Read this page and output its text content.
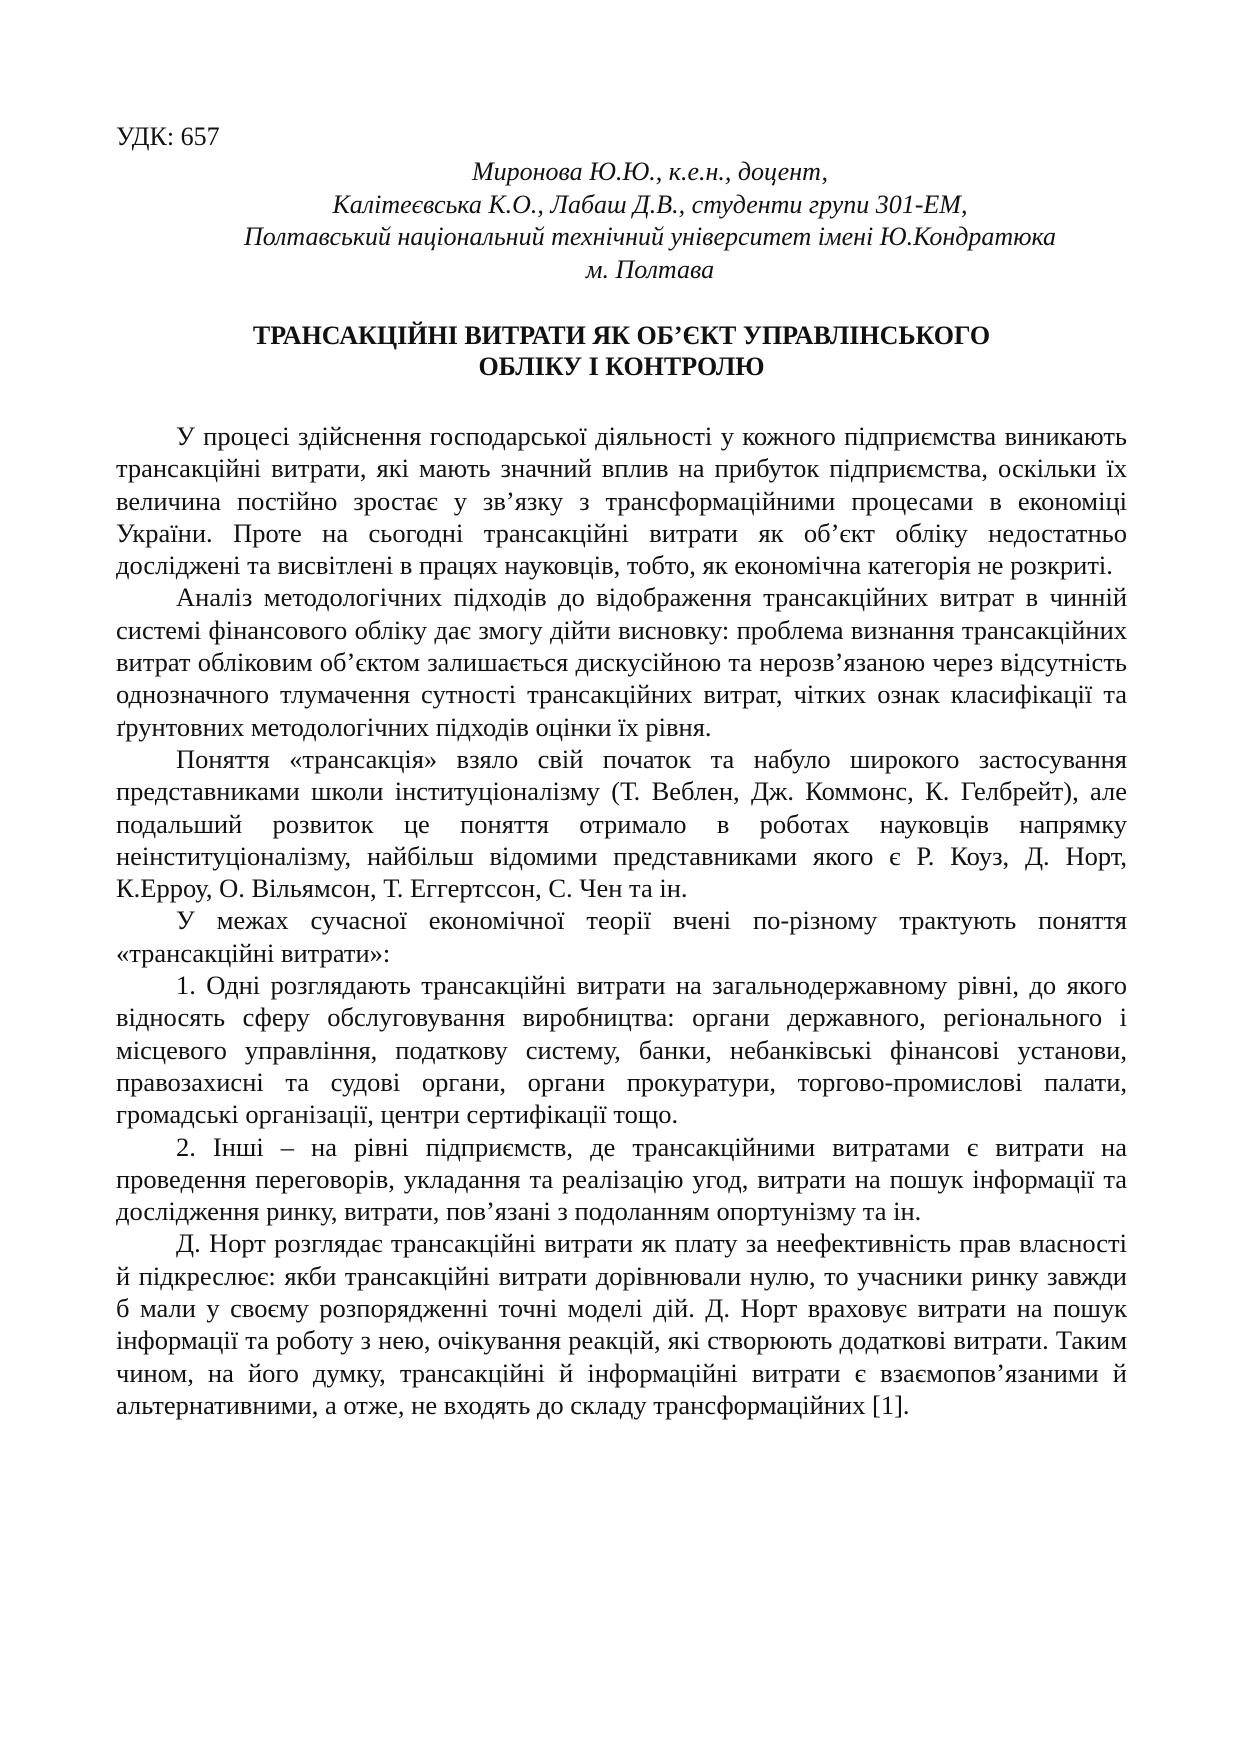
УДК: 657
Миронова Ю.Ю., к.е.н., доцент,
Калітеєвська К.О., Лабаш Д.В., студенти групи 301-ЕМ,
Полтавський національний технічний університет імені Ю.Кондратюка
м. Полтава
ТРАНСАКЦІЙНІ ВИТРАТИ ЯК ОБ’ЄКТ УПРАВЛІНСЬКОГО
ОБЛІКУ І КОНТРОЛЮ

У процесі здійснення господарської діяльності у кожного підприємства виникають трансакційні витрати, які мають значний вплив на прибуток підприємства, оскільки їх величина постійно зростає у зв’язку з трансформаційними процесами в економіці України. Проте на сьогодні трансакційні витрати як об’єкт обліку недостатньо досліджені та висвітлені в працях науковців, тобто, як економічна категорія не розкриті.

Аналіз методологічних підходів до відображення трансакційних витрат в чинній системі фінансового обліку дає змогу дійти висновку: проблема визнання трансакційних витрат обліковим об’єктом залишається дискусійною та нерозв’язаною через відсутність однозначного тлумачення сутності трансакційних витрат, чітких ознак класифікації та ґрунтовних методологічних підходів оцінки їх рівня.

Поняття «трансакція» взяло свій початок та набуло широкого застосування представниками школи інституціоналізму (Т. Веблен, Дж. Коммонс, К. Гелбрейт), але подальший розвиток це поняття отримало в роботах науковців напрямку неінституціоналізму, найбільш відомими представниками якого є Р. Коуз, Д. Норт, К.Ерроу, О. Вільямсон, Т. Еггертссон, С. Чен та ін.

У межах сучасної економічної теорії вчені по-різному трактують поняття «трансакційні витрати»:

1. Одні розглядають трансакційні витрати на загальнодержавному рівні, до якого відносять сферу обслуговування виробництва: органи державного, регіонального і місцевого управління, податкову систему, банки, небанківські фінансові установи, правозахисні та судові органи, органи прокуратури, торгово-промислові палати, громадські організації, центри сертифікації тощо.

2. Інші – на рівні підприємств, де трансакційними витратами є витрати на проведення переговорів, укладання та реалізацію угод, витрати на пошук інформації та дослідження ринку, витрати, пов’язані з подоланням опортунізму та ін.

Д. Норт розглядає трансакційні витрати як плату за неефективність прав власності й підкреслює: якби трансакційні витрати дорівнювали нулю, то учасники ринку завжди б мали у своєму розпорядженні точні моделі дій. Д. Норт враховує витрати на пошук інформації та роботу з нею, очікування реакцій, які створюють додаткові витрати. Таким чином, на його думку, трансакційні й інформаційні витрати є взаємопов’язаними й альтернативними, а отже, не входять до складу трансформаційних [1].
